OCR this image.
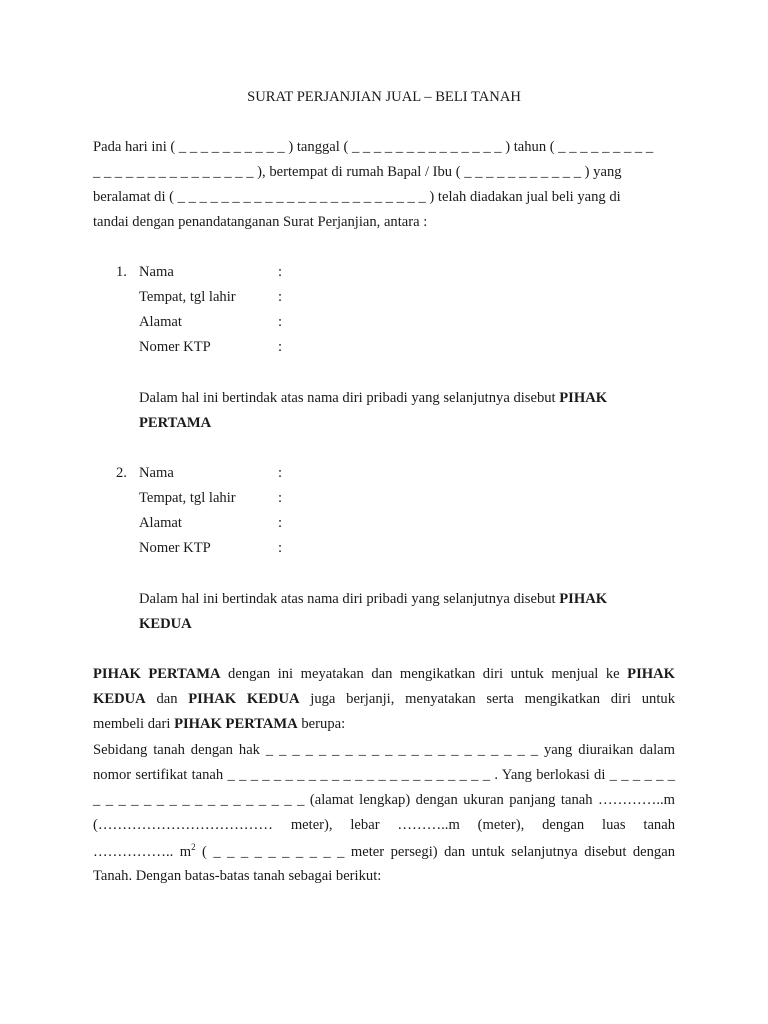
SURAT PERJANJIAN JUAL – BELI TANAH
Pada hari ini ( _ _ _ _ _ _ _ _ _ _ ) tanggal ( _ _ _ _ _ _ _ _ _ _ _ _ _ _ ) tahun ( _ _ _ _ _ _ _ _ _
_ _ _ _ _ _ _ _ _ _ _ _ _ _ _ ), bertempat di rumah Bapal / Ibu ( _ _ _ _ _ _ _ _ _ _ _ ) yang
beralamat di ( _ _ _ _ _ _ _ _ _ _ _ _ _ _ _ _ _ _ _ _ _ _ _ ) telah diadakan jual beli yang di
tandai dengan penandatanganan Surat Perjanjian, antara :
1. Nama	:
Tempat, tgl lahir	:
Alamat	:
Nomer KTP	:
Dalam hal ini bertindak atas nama diri pribadi yang selanjutnya disebut PIHAK
PERTAMA
2. Nama	:
Tempat, tgl lahir	:
Alamat	:
Nomer KTP	:
Dalam hal ini bertindak atas nama diri pribadi yang selanjutnya disebut PIHAK
KEDUA
PIHAK PERTAMA dengan ini meyatakan dan mengikatkan diri untuk menjual ke PIHAK
KEDUA dan PIHAK KEDUA juga berjanji, menyatakan serta mengikatkan diri untuk
membeli dari PIHAK PERTAMA berupa:
Sebidang tanah dengan hak _ _ _ _ _ _ _ _ _ _ _ _ _ _ _ _ _ _ _ _ _ yang diuraikan dalam
nomor sertifikat tanah _ _ _ _ _ _ _ _ _ _ _ _ _ _ _ _ _ _ _ _ _ _ _ . Yang berlokasi di _ _ _ _ _ _
_ _ _ _ _ _ _ _ _ _ _ _ _ _ _ _ _ (alamat lengkap) dengan ukuran panjang tanah …………..m
(……………………………… meter), lebar ………..m (meter), dengan luas tanah
…………….. $m^2$ ( _ _ _ _ _ _ _ _ _ _ meter persegi) dan untuk selanjutnya disebut dengan
Tanah. Dengan batas-batas tanah sebagai berikut:
